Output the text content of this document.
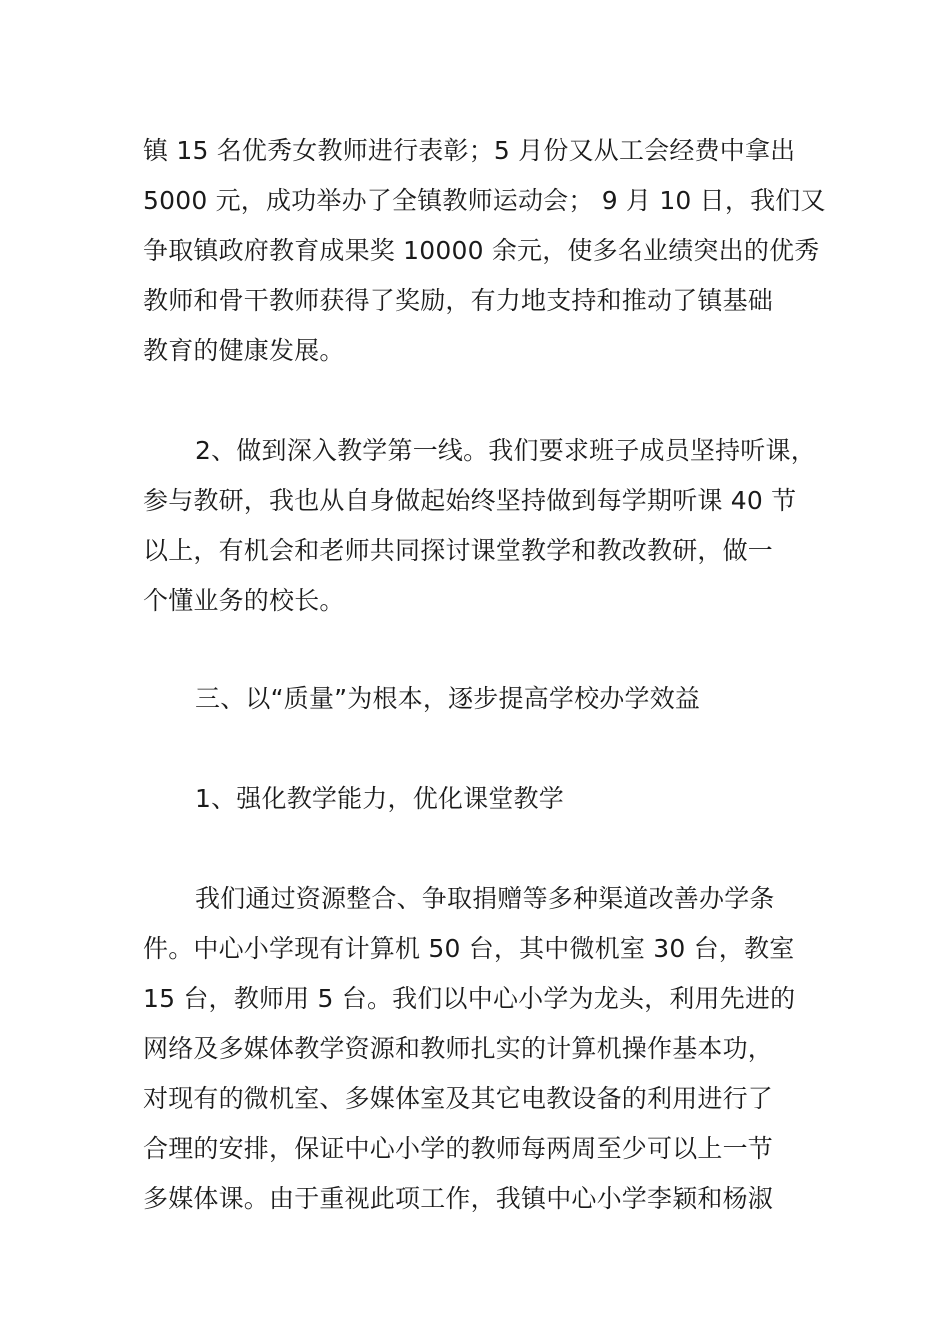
镇 15 名优秀女教师进行表彰；5 月份又从工会经费中拿出
5000 元，成功举办了全镇教师运动会； 9 月 10 日，我们又
争取镇政府教育成果奖 10000 余元，使多名业绩突出的优秀
教师和骨干教师获得了奖励，有力地支持和推动了镇基础
教育的健康发展。
2、做到深入教学第一线。我们要求班子成员坚持听课，
参与教研，我也从自身做起始终坚持做到每学期听课 40 节
以上，有机会和老师共同探讨课堂教学和教改教研，做一
个懂业务的校长。
三、以“质量”为根本，逐步提高学校办学效益
1、强化教学能力，优化课堂教学
我们通过资源整合、争取捐赠等多种渠道改善办学条
件。中心小学现有计算机 50 台，其中微机室 30 台，教室
15 台，教师用 5 台。我们以中心小学为龙头，利用先进的
网络及多媒体教学资源和教师扎实的计算机操作基本功，
对现有的微机室、多媒体室及其它电教设备的利用进行了
合理的安排，保证中心小学的教师每两周至少可以上一节
多媒体课。由于重视此项工作，我镇中心小学李颖和杨淑
